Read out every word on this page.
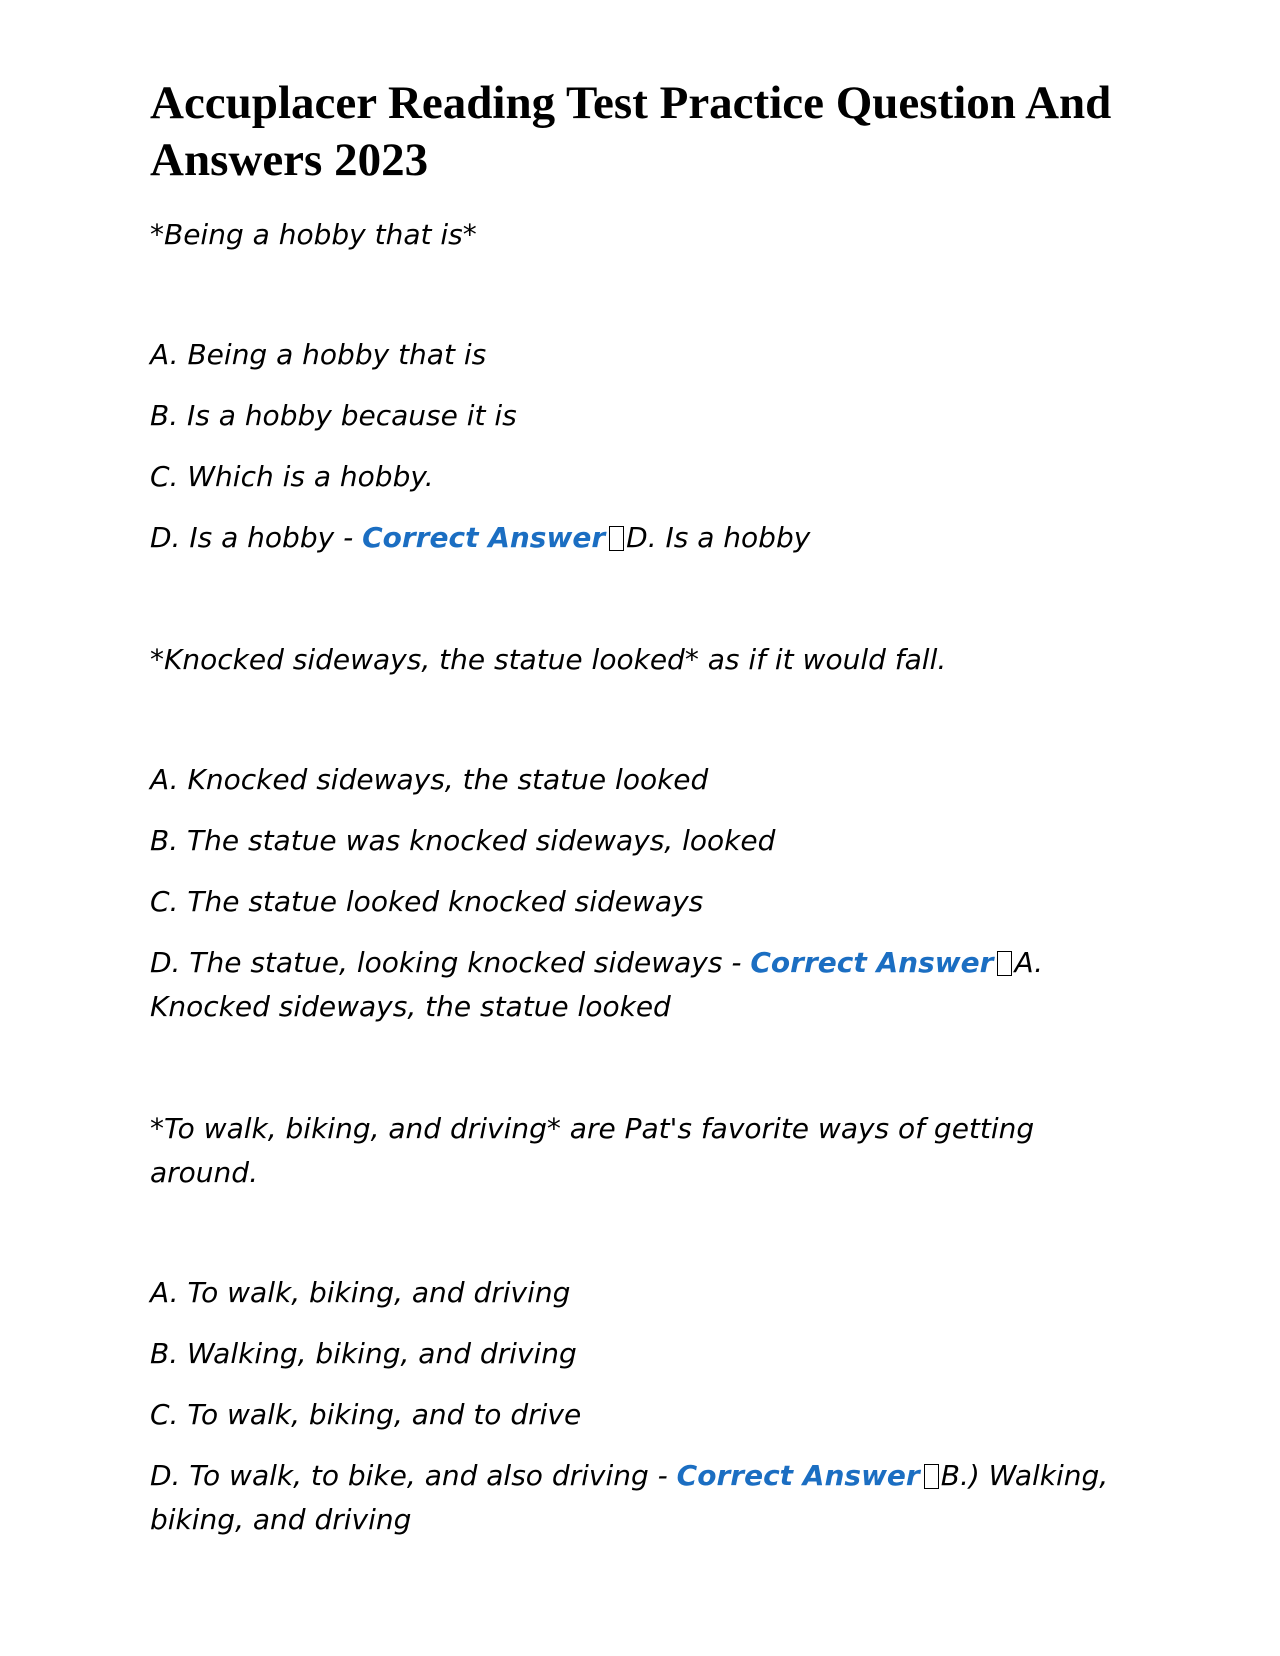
Accuplacer Reading Test Practice Question And Answers 2023

*Being a hobby that is*

A. Being a hobby that is

B. Is a hobby because it is

C. Which is a hobby.

D. Is a hobby - Correct Answer D. Is a hobby

*Knocked sideways, the statue looked* as if it would fall.

A. Knocked sideways, the statue looked

B. The statue was knocked sideways, looked

C. The statue looked knocked sideways

D. The statue, looking knocked sideways - Correct Answer A. Knocked sideways, the statue looked

*To walk, biking, and driving* are Pat's favorite ways of getting around.

A. To walk, biking, and driving

B. Walking, biking, and driving

C. To walk, biking, and to drive

D. To walk, to bike, and also driving - Correct Answer B.) Walking, biking, and driving
